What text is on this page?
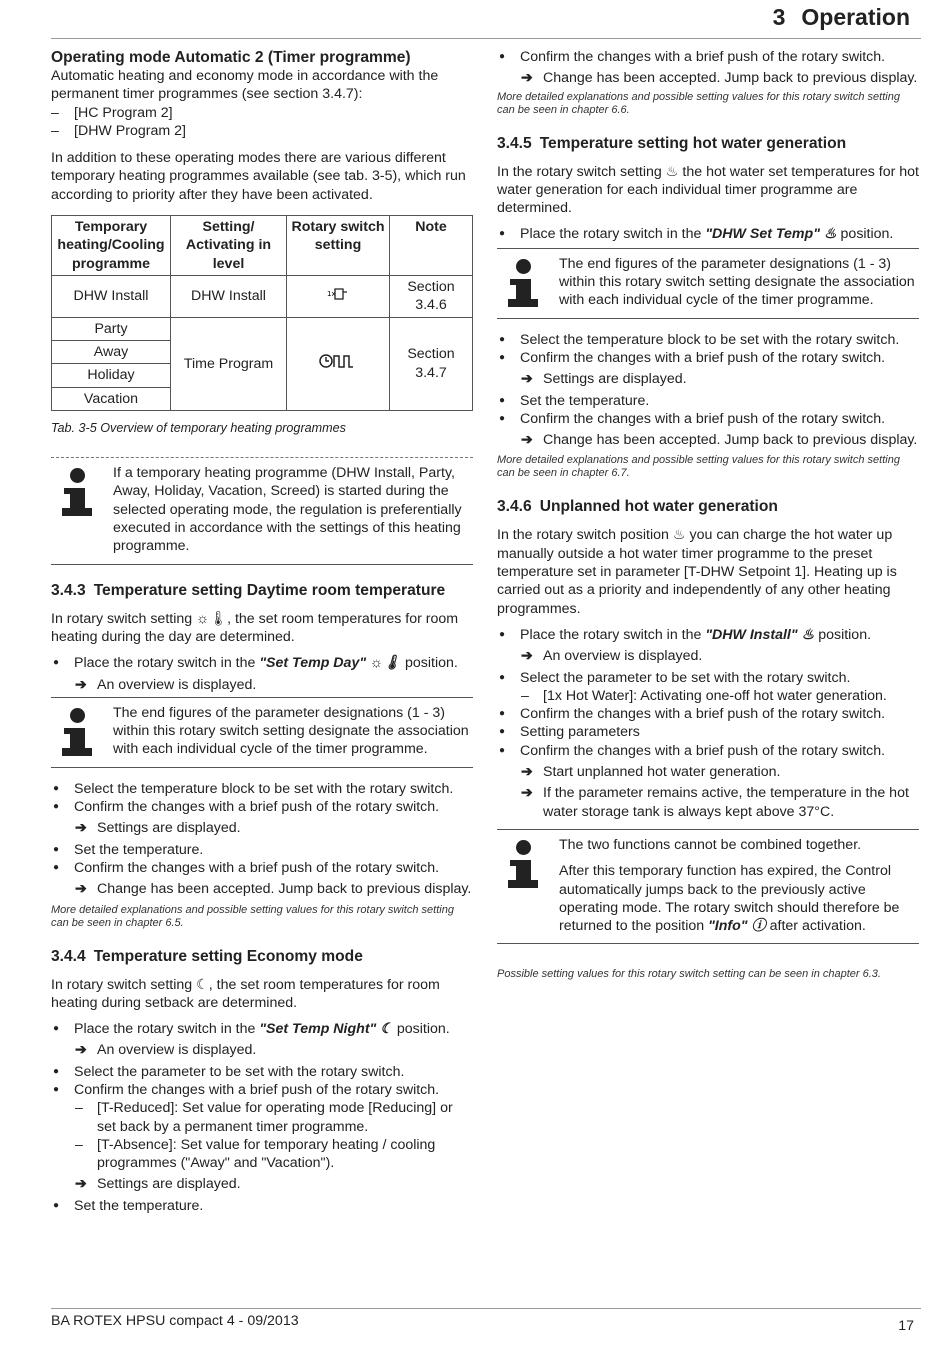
3 Operation

Operating mode Automatic 2 (Timer programme)

Automatic heating and economy mode in accordance with the permanent timer programmes (see section 3.4.7):

– [HC Program 2]

– [DHW Program 2]

In addition to these operating modes there are various different temporary heating programmes available (see tab. 3-5), which run according to priority after they have been activated.

Temporary heating/Cooling programme	Setting/ Activating in level	Rotary switch setting	Note
DHW Install	DHW Install	1x	Section 3.4.6
Party	Time Program		Section 3.4.7
Away			
Holiday			
Vacation			

Tab. 3-5 Overview of temporary heating programmes

If a temporary heating programme (DHW Install, Party, Away, Holiday, Vacation, Screed) is started during the selected operating mode, the regulation is preferentially executed in accordance with the settings of this heating programme.

3.4.3 Temperature setting Daytime room temperature

In rotary switch setting ☼🌡, the set room temperatures for room heating during the day are determined.

● Place the rotary switch in the "Set Temp Day" ☼🌡 position.

➔ An overview is displayed.

The end figures of the parameter designations (1 - 3) within this rotary switch setting designate the association with each individual cycle of the timer programme.

● Select the temperature block to be set with the rotary switch.

● Confirm the changes with a brief push of the rotary switch.

➔ Settings are displayed.

● Set the temperature.

● Confirm the changes with a brief push of the rotary switch.

➔ Change has been accepted. Jump back to previous display.

More detailed explanations and possible setting values for this rotary switch setting can be seen in chapter 6.5.

3.4.4 Temperature setting Economy mode

In rotary switch setting ☾, the set room temperatures for room heating during setback are determined.

● Place the rotary switch in the "Set Temp Night" ☾ position.

➔ An overview is displayed.

● Select the parameter to be set with the rotary switch.

● Confirm the changes with a brief push of the rotary switch.

– [T-Reduced]: Set value for operating mode [Reducing] or set back by a permanent timer programme.

– [T-Absence]: Set value for temporary heating / cooling programmes ("Away" and "Vacation").

➔ Settings are displayed.

● Set the temperature.

● Confirm the changes with a brief push of the rotary switch.

➔ Change has been accepted. Jump back to previous display.

More detailed explanations and possible setting values for this rotary switch setting can be seen in chapter 6.6.

3.4.5 Temperature setting hot water generation

In the rotary switch setting ♨ the hot water set temperatures for hot water generation for each individual timer programme are determined.

● Place the rotary switch in the "DHW Set Temp" ♨ position.

The end figures of the parameter designations (1 - 3) within this rotary switch setting designate the association with each individual cycle of the timer programme.

● Select the temperature block to be set with the rotary switch.

● Confirm the changes with a brief push of the rotary switch.

➔ Settings are displayed.

● Set the temperature.

● Confirm the changes with a brief push of the rotary switch.

➔ Change has been accepted. Jump back to previous display.

More detailed explanations and possible setting values for this rotary switch setting can be seen in chapter 6.7.

3.4.6 Unplanned hot water generation

In the rotary switch position ♨ you can charge the hot water up manually outside a hot water timer programme to the preset temperature set in parameter [T-DHW Setpoint 1]. Heating up is carried out as a priority and independently of any other heating programmes.

● Place the rotary switch in the "DHW Install" ♨ position.

➔ An overview is displayed.

● Select the parameter to be set with the rotary switch.

– [1x Hot Water]: Activating one-off hot water generation.

● Confirm the changes with a brief push of the rotary switch.

● Setting parameters

● Confirm the changes with a brief push of the rotary switch.

➔ Start unplanned hot water generation.

➔ If the parameter remains active, the temperature in the hot water storage tank is always kept above 37°C.

The two functions cannot be combined together.

After this temporary function has expired, the Control automatically jumps back to the previously active operating mode. The rotary switch should therefore be returned to the position "Info" ⓘ after activation.

Possible setting values for this rotary switch setting can be seen in chapter 6.3.

BA ROTEX HPSU compact 4 - 09/2013	17
